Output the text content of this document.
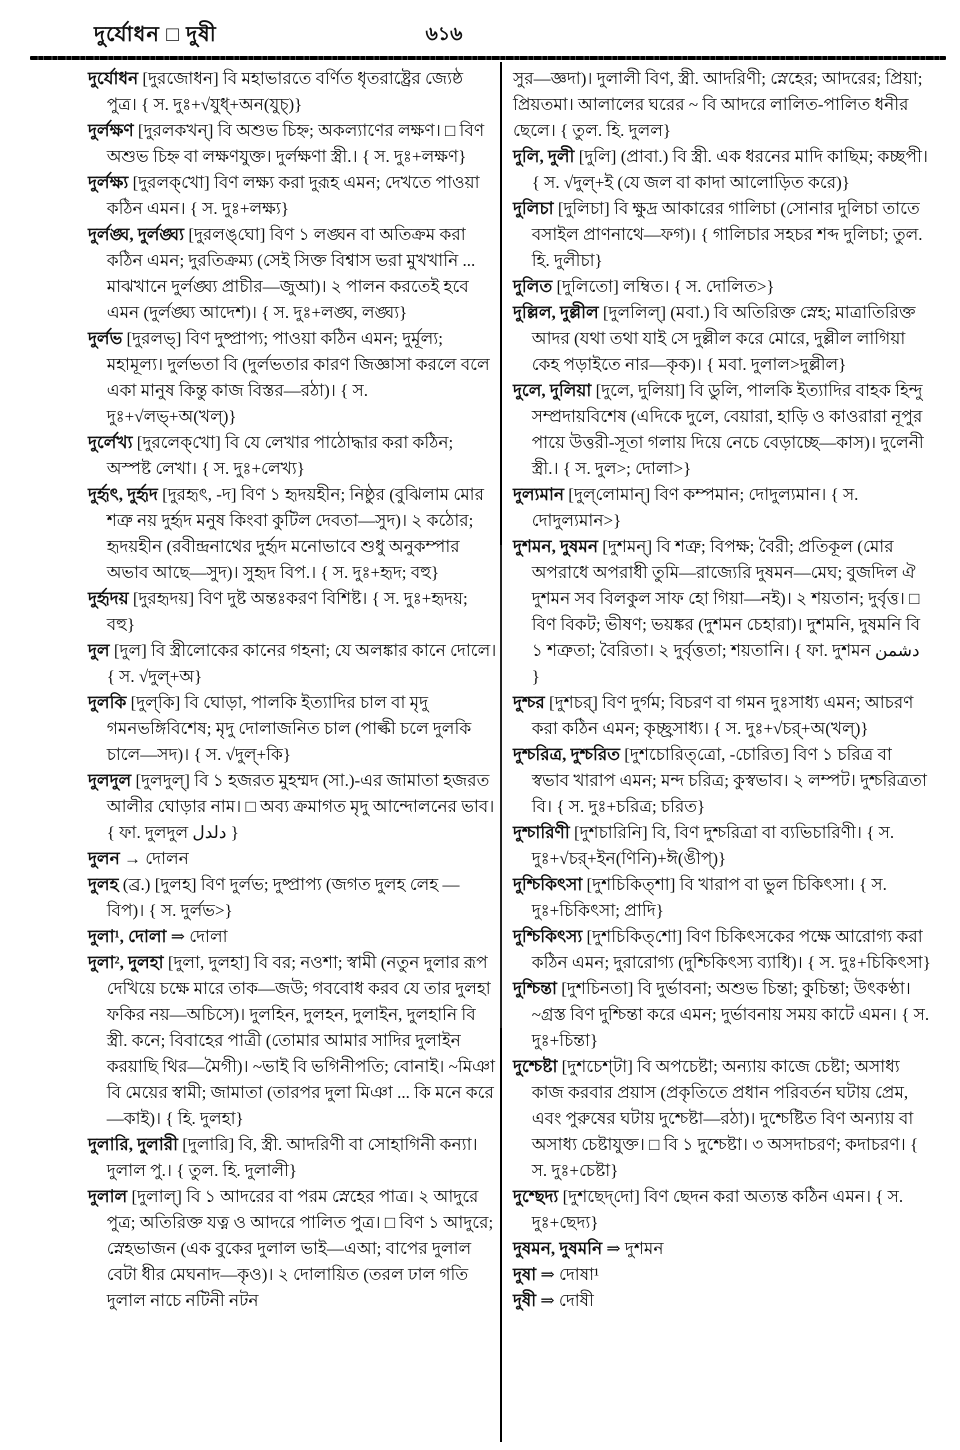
দুর্যোধন □ দুষী	৬১৬

দুর্যোধন [দুরজোধন] বি মহাভারতে বর্ণিত ধৃতরাষ্ট্রের জ্যেষ্ঠ পুত্র। { স. দুঃ+√যুধ্+অন(যুচ্)}

দুর্লক্ষণ [দুরলকখন্] বি অশুভ চিহ্ন; অকল্যাণের লক্ষণ। □ বিণ অশুভ চিহ্ন বা লক্ষণযুক্ত। দুর্লক্ষণা স্ত্রী.। { স. দুঃ+লক্ষণ}

দুর্লক্ষ্য [দুরলক্‌খো] বিণ লক্ষ্য করা দুরূহ এমন; দেখতে পাওয়া কঠিন এমন। { স. দুঃ+লক্ষ্য}

দুর্লঙ্ঘ, দুর্লঙ্ঘ্য [দুরলঙ্‌ঘো] বিণ ১ লঙ্ঘন বা অতিক্রম করা কঠিন এমন; দুরতিক্রম্য (সেই সিক্ত বিশ্বাস ভরা মুখখানি ... মাঝখানে দুর্লঙ্ঘ্য প্রাচীর—জুআ)। ২ পালন করতেই হবে এমন (দুর্লঙ্ঘ্য আদেশ)। { স. দুঃ+লঙ্ঘ, লঙ্ঘ্য}

দুর্লভ [দুরলভ্] বিণ দুষ্প্রাপ্য; পাওয়া কঠিন এমন; দুর্মূল্য; মহামূল্য। দুর্লভতা বি (দুর্লভতার কারণ জিজ্ঞাসা করলে বলে একা মানুষ কিন্তু কাজ বিস্তর—রঠা)। { স. দুঃ+√লভ্+অ(খল্)}

দুর্লেখ্য [দুরলেক্‌খো] বি যে লেখার পাঠোদ্ধার করা কঠিন; অস্পষ্ট লেখা। { স. দুঃ+লেখ্য}

দুর্হৃৎ, দুর্হৃদ [দুরহৃৎ, -দ] বিণ ১ হৃদয়হীন; নিষ্ঠুর (বুঝিলাম মোর শত্রু নয় দুর্হৃদ মনুষ কিংবা কুটিল দেবতা—সুদ)। ২ কঠোর; হৃদয়হীন (রবীন্দ্রনাথের দুর্হৃদ মনোভাবে শুধু অনুকম্পার অভাব আছে—সুদ)। সুহৃদ বিপ.। { স. দুঃ+হৃদ; বহু}

দুর্হৃদয় [দুরহৃদয়] বিণ দুষ্ট অন্তঃকরণ বিশিষ্ট। { স. দুঃ+হৃদয়; বহু}

দুল [দুল] বি স্ত্রীলোকের কানের গহনা; যে অলঙ্কার কানে দোলে। { স. √দুল্+অ}

দুলকি [দুল্‌কি] বি ঘোড়া, পালকি ইত্যাদির চাল বা মৃদু গমনভঙ্গিবিশেষ; মৃদু দোলাজনিত চাল (পাল্কী চলে দুলকি চালে—সদ)। { স. √দুল্+কি}

দুলদুল [দুলদুল্] বি ১ হজরত মুহম্মদ (সা.)-এর জামাতা হজরত আলীর ঘোড়ার নাম। □ অব্য ক্রমাগত মৃদু আন্দোলনের ভাব। { ফা. দুলদুল دلدل }

দুলন → দোলন

দুলহ (ব্র.) [দুলহ] বিণ দুর্লভ; দুষ্প্রাপ্য (জগত দুলহ লেহ —বিপ)। { স. দুর্লভ>}

দুলা¹, দোলা ⇒ দোলা

দুলা², দুলহা [দুলা, দুলহা] বি বর; নওশা; স্বামী (নতুন দুলার রূপ দেখিয়ে চক্ষে মারে তাক—জউ; গববোধ করব যে তার দুলহা ফকির নয়—অচিসে)। দুলহিন, দুলহন, দুলাইন, দুলহানি বি স্ত্রী. কনে; বিবাহের পাত্রী (তোমার আমার সাদির দুলাইন করয়াছি থির—মৈগী)। ~ভাই বি ভগিনীপতি; বোনাই। ~মিঞা বি মেয়ের স্বামী; জামাতা (তারপর দুলা মিঞা ... কি মনে করে—কাই)। { হি. দুলহা}

দুলারি, দুলারী [দুলারি] বি, স্ত্রী. আদরিণী বা সোহাগিনী কন্যা। দুলাল পু.। { তুল. হি. দুলালী}

দুলাল [দুলাল্] বি ১ আদরের বা পরম স্নেহের পাত্র। ২ আদুরে পুত্র; অতিরিক্ত যত্ন ও আদরে পালিত পুত্র। □ বিণ ১ আদুরে; স্নেহভাজন (এক বুকের দুলাল ভাই—এআ; বাপের দুলাল বেটা ধীর মেঘনাদ—কৃও)। ২ দোলায়িত (তরল ঢাল গতি দুলাল নাচে নটিনী নটন

সুর—জ্ঞদা)। দুলালী বিণ, স্ত্রী. আদরিণী; স্নেহের; আদরের; প্রিয়া; প্রিয়তমা। আলালের ঘরের ~ বি আদরে লালিত-পালিত ধনীর ছেলে। { তুল. হি. দুলল}

দুলি, দুলী [দুলি] (প্রাবা.) বি স্ত্রী. এক ধরনের মাদি কাছিম; কচ্ছপী। { স. √দুল্+ই (যে জল বা কাদা আলোড়িত করে)}

দুলিচা [দুলিচা] বি ক্ষুদ্র আকারের গালিচা (সোনার দুলিচা তাতে বসাইল প্রাণনাথে—ফগ)। { গালিচার সহচর শব্দ দুলিচা; তুল. হি. দুলীচা}

দুলিত [দুলিতো] লম্বিত। { স. দোলিত>}

দুল্লিল, দুল্লীল [দুললিল্] (মবা.) বি অতিরিক্ত স্নেহ; মাত্রাতিরিক্ত আদর (যথা তথা যাই সে দুল্লীল করে মোরে, দুল্লীল লাগিয়া কেহ পড়াইতে নার—কৃক)। { মবা. দুলাল>দুল্লীল}

দুলে, দুলিয়া [দুলে, দুলিয়া] বি ডুলি, পালকি ইত্যাদির বাহক হিন্দু সম্প্রদায়বিশেষ (এদিকে দুলে, বেয়ারা, হাড়ি ও কাওরারা নূপুর পায়ে উত্তরী-সূতা গলায় দিয়ে নেচে বেড়াচ্ছে—কাস)। দুলেনী স্ত্রী.। { স. দুল>; দোলা>}

দুল্যমান [দুল্‌লোমান্] বিণ কম্পমান; দোদুল্যমান। { স. দোদুল্যমান>}

দুশমন, দুষমন [দুশমন্] বি শত্রু; বিপক্ষ; বৈরী; প্রতিকূল (মোর অপরাধে অপরাধী তুমি—রাজ্যেরি দুষমন—মেঘ; বুজদিল ঐ দুশমন সব বিলকুল সাফ হো গিয়া—নই)। ২ শয়তান; দুর্বৃত্ত। □ বিণ বিকট; ভীষণ; ভয়ঙ্কর (দুশমন চেহারা)। দুশমনি, দুষমনি বি ১ শত্রুতা; বৈরিতা। ২ দুর্বৃত্ততা; শয়তানি। { ফা. দুশমন دشمن }

দুশ্চর [দুশচর্] বিণ দুর্গম; বিচরণ বা গমন দুঃসাধ্য এমন; আচরণ করা কঠিন এমন; কৃচ্ছ্রসাধ্য। { স. দুঃ+√চর্+অ(খল্)}

দুশ্চরিত্র, দুশ্চরিত [দুশচোরিত্‌ত্রো, -চোরিত] বিণ ১ চরিত্র বা স্বভাব খারাপ এমন; মন্দ চরিত্র; কুস্বভাব। ২ লম্পট। দুশ্চরিত্রতা বি। { স. দুঃ+চরিত্র; চরিত}

দুশ্চারিণী [দুশচারিনি] বি, বিণ দুশ্চরিত্রা বা ব্যভিচারিণী। { স. দুঃ+√চর্+ইন(ণিনি)+ঈ(ঙীপ্)}

দুশ্চিকিৎসা [দুশচিকিত্‌শা] বি খারাপ বা ভুল চিকিৎসা। { স. দুঃ+চিকিৎসা; প্রাদি}

দুশ্চিকিৎস্য [দুশচিকিত্‌শো] বিণ চিকিৎসকের পক্ষে আরোগ্য করা কঠিন এমন; দুরারোগ্য (দুশ্চিকিৎস্য ব্যাধি)। { স. দুঃ+চিকিৎসা}

দুশ্চিন্তা [দুশচিনতা] বি দুর্ভাবনা; অশুভ চিন্তা; কুচিন্তা; উৎকণ্ঠা। ~গ্রস্ত বিণ দুশ্চিন্তা করে এমন; দুর্ভাবনায় সময় কাটে এমন। { স. দুঃ+চিন্তা}

দুশ্চেষ্টা [দুশচেশ্‌টা] বি অপচেষ্টা; অন্যায় কাজে চেষ্টা; অসাধ্য কাজ করবার প্রয়াস (প্রকৃতিতে প্রধান পরিবর্তন ঘটায় প্রেম, এবং পুরুষের ঘটায় দুশ্চেষ্টা—রঠা)। দুশ্চেষ্টিত বিণ অন্যায় বা অসাধ্য চেষ্টাযুক্ত। □ বি ১ দুশ্চেষ্টা। ৩ অসদাচরণ; কদাচরণ। { স. দুঃ+চেষ্টা}

দুশ্ছেদ্য [দুশছেদ্‌দো] বিণ ছেদন করা অত্যন্ত কঠিন এমন। { স. দুঃ+ছেদ্য}

দুষমন, দুষমনি ⇒ দুশমন

দুষা ⇒ দোষা¹

দুষী ⇒ দোষী
